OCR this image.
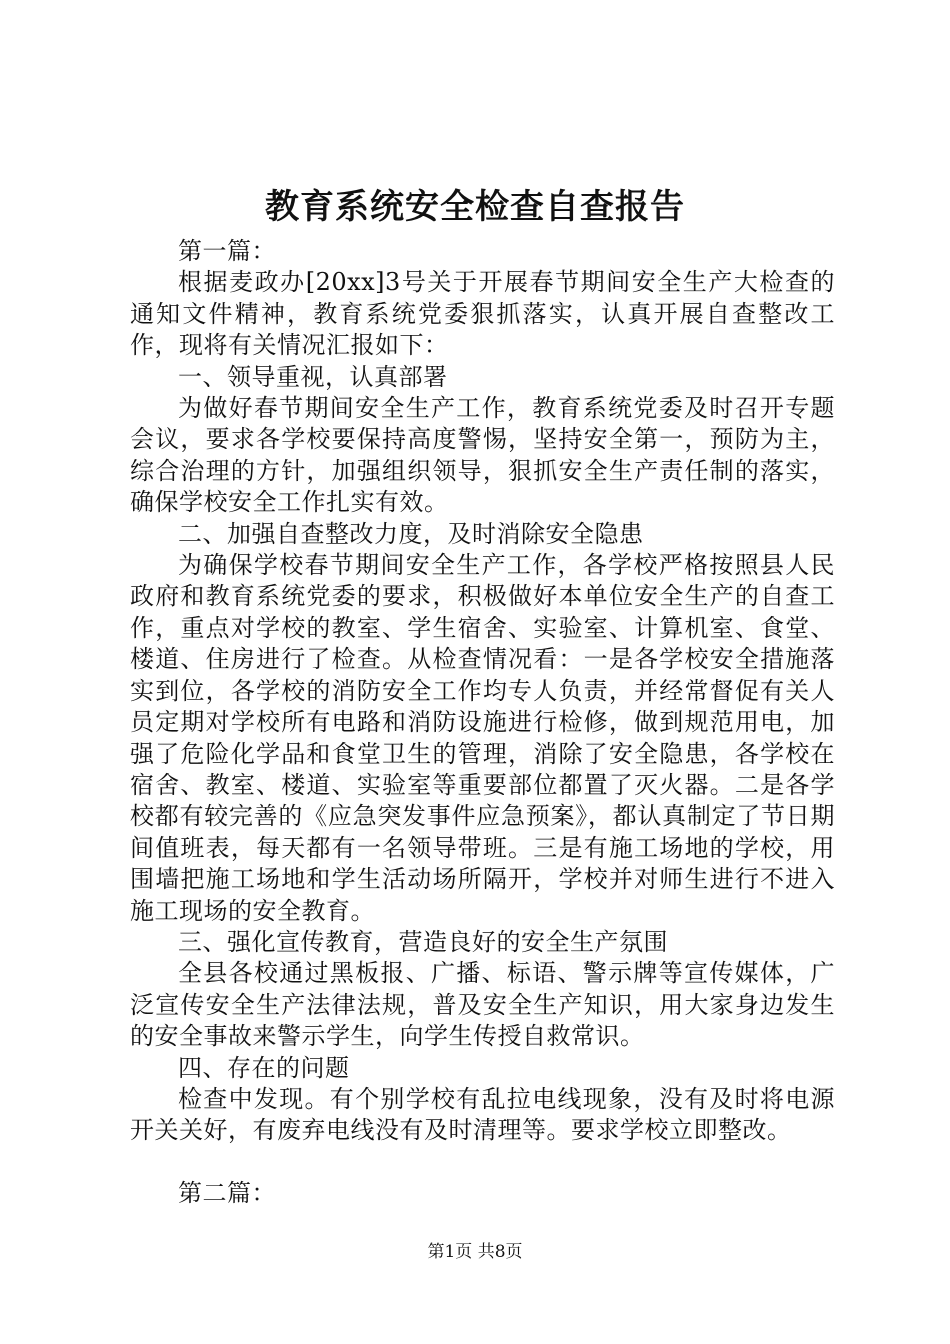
教育系统安全检查自查报告

第一篇：

根据麦政办[20xx]3号关于开展春节期间安全生产大检查的通知文件精神，教育系统党委狠抓落实，认真开展自查整改工作，现将有关情况汇报如下：

一、领导重视，认真部署

为做好春节期间安全生产工作，教育系统党委及时召开专题会议，要求各学校要保持高度警惕，坚持安全第一，预防为主，综合治理的方针，加强组织领导，狠抓安全生产责任制的落实，确保学校安全工作扎实有效。

二、加强自查整改力度，及时消除安全隐患

为确保学校春节期间安全生产工作，各学校严格按照县人民政府和教育系统党委的要求，积极做好本单位安全生产的自查工作，重点对学校的教室、学生宿舍、实验室、计算机室、食堂、楼道、住房进行了检查。从检查情况看：一是各学校安全措施落实到位，各学校的消防安全工作均专人负责，并经常督促有关人员定期对学校所有电路和消防设施进行检修，做到规范用电，加强了危险化学品和食堂卫生的管理，消除了安全隐患，各学校在宿舍、教室、楼道、实验室等重要部位都置了灭火器。二是各学校都有较完善的《应急突发事件应急预案》，都认真制定了节日期间值班表，每天都有一名领导带班。三是有施工场地的学校，用围墙把施工场地和学生活动场所隔开，学校并对师生进行不进入施工现场的安全教育。

三、强化宣传教育，营造良好的安全生产氛围

全县各校通过黑板报、广播、标语、警示牌等宣传媒体，广泛宣传安全生产法律法规，普及安全生产知识，用大家身边发生的安全事故来警示学生，向学生传授自救常识。

四、存在的问题

检查中发现。有个别学校有乱拉电线现象，没有及时将电源开关关好，有废弃电线没有及时清理等。要求学校立即整改。

第二篇：

第1页 共8页
